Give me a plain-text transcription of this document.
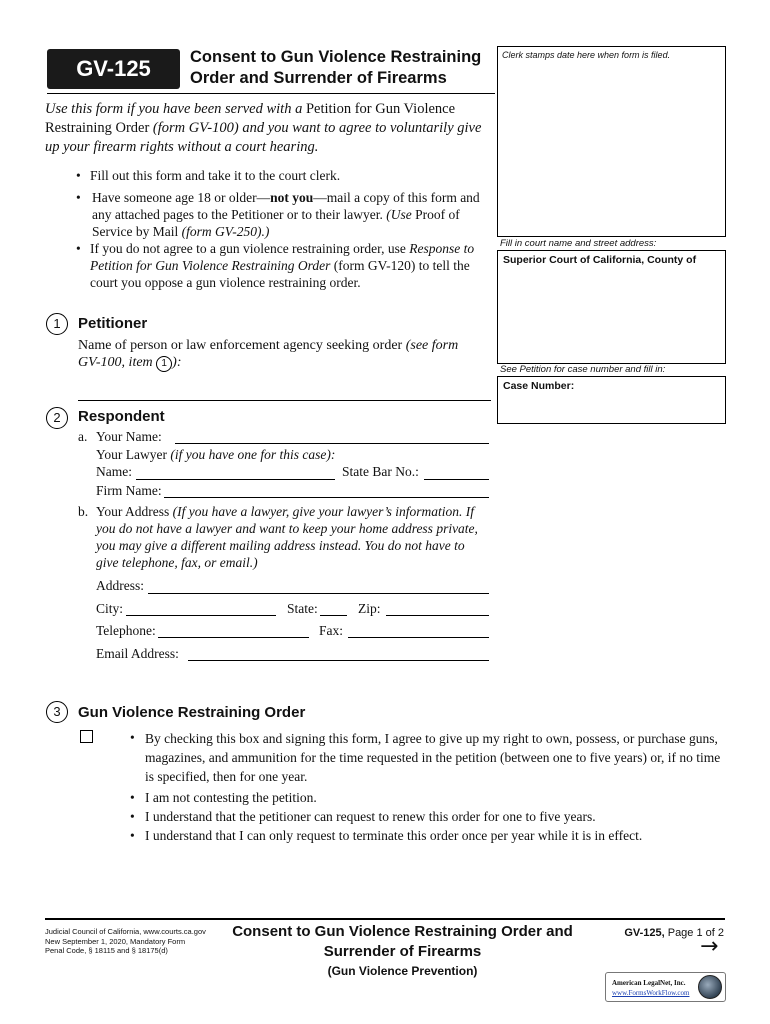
GV-125	Consent to Gun Violence Restraining
Order and Surrender of Firearms
Clerk stamps date here when form is filed.
Use this form if you have been served with a Petition for Gun Violence Restraining Order (form GV-100) and you want to agree to voluntarily give up your firearm rights without a court hearing.
• Fill out this form and take it to the court clerk.
• Have someone age 18 or older—not you—mail a copy of this form and any attached pages to the Petitioner or to their lawyer. (Use Proof of Service by Mail (form GV-250).)
• If you do not agree to a gun violence restraining order, use Response to Petition for Gun Violence Restraining Order (form GV-120) to tell the court you oppose a gun violence restraining order.
Fill in court name and street address:
Superior Court of California, County of
See Petition for case number and fill in:
Case Number:
1	Petitioner
Name of person or law enforcement agency seeking order (see form GV-100, item 1 ):
2	Respondent
a. Your Name:
Your Lawyer (if you have one for this case):
Name:	State Bar No.:
Firm Name:
b. Your Address (If you have a lawyer, give your lawyer’s information. If you do not have a lawyer and want to keep your home address private, you may give a different mailing address instead. You do not have to give telephone, fax, or email.)
Address:
City:	State:	Zip:
Telephone:	Fax:
Email Address:
3	Gun Violence Restraining Order
• By checking this box and signing this form, I agree to give up my right to own, possess, or purchase guns, magazines, and ammunition for the time requested in the petition (between one to five years) or, if no time is specified, then for one year.
• I am not contesting the petition.
• I understand that the petitioner can request to renew this order for one to five years.
• I understand that I can only request to terminate this order once per year while it is in effect.
Judicial Council of California, www.courts.ca.gov
New September 1, 2020, Mandatory Form
Penal Code, § 18115 and § 18175(d)
Consent to Gun Violence Restraining Order and
Surrender of Firearms
(Gun Violence Prevention)
GV-125, Page 1 of 2
→
American LegalNet, Inc.
www.FormsWorkFlow.com
